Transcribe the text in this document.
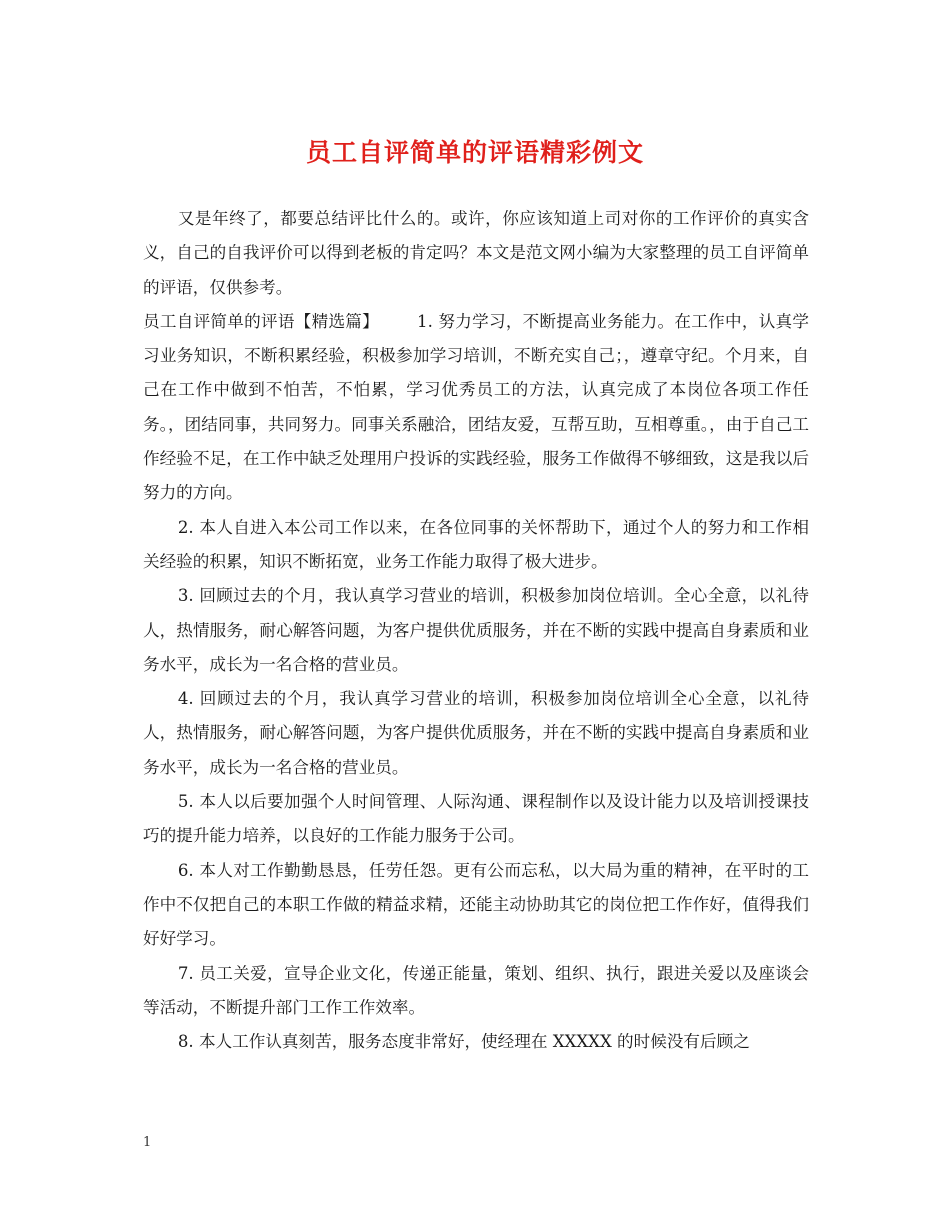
员工自评简单的评语精彩例文

又是年终了，都要总结评比什么的。或许，你应该知道上司对你的工作评价的真实含义，自己的自我评价可以得到老板的肯定吗？本文是范文网小编为大家整理的员工自评简单的评语，仅供参考。

员工自评简单的评语【精选篇】 1. 努力学习，不断提高业务能力。在工作中，认真学习业务知识，不断积累经验，积极参加学习培训，不断充实自己；，遵章守纪。个月来，自己在工作中做到不怕苦，不怕累，学习优秀员工的方法，认真完成了本岗位各项工作任务。，团结同事，共同努力。同事关系融洽，团结友爱，互帮互助，互相尊重。，由于自己工作经验不足，在工作中缺乏处理用户投诉的实践经验，服务工作做得不够细致，这是我以后努力的方向。

2. 本人自进入本公司工作以来，在各位同事的关怀帮助下，通过个人的努力和工作相关经验的积累，知识不断拓宽，业务工作能力取得了极大进步。

3. 回顾过去的个月，我认真学习营业的培训，积极参加岗位培训。全心全意，以礼待人，热情服务，耐心解答问题，为客户提供优质服务，并在不断的实践中提高自身素质和业务水平，成长为一名合格的营业员。

4. 回顾过去的个月，我认真学习营业的培训，积极参加岗位培训全心全意，以礼待人，热情服务，耐心解答问题，为客户提供优质服务，并在不断的实践中提高自身素质和业务水平，成长为一名合格的营业员。

5. 本人以后要加强个人时间管理、人际沟通、课程制作以及设计能力以及培训授课技巧的提升能力培养，以良好的工作能力服务于公司。

6. 本人对工作勤勤恳恳，任劳任怨。更有公而忘私，以大局为重的精神，在平时的工作中不仅把自己的本职工作做的精益求精，还能主动协助其它的岗位把工作作好，值得我们好好学习。

7. 员工关爱，宣导企业文化，传递正能量，策划、组织、执行，跟进关爱以及座谈会等活动，不断提升部门工作工作效率。

8. 本人工作认真刻苦，服务态度非常好，使经理在 XXXXX 的时候没有后顾之

1
